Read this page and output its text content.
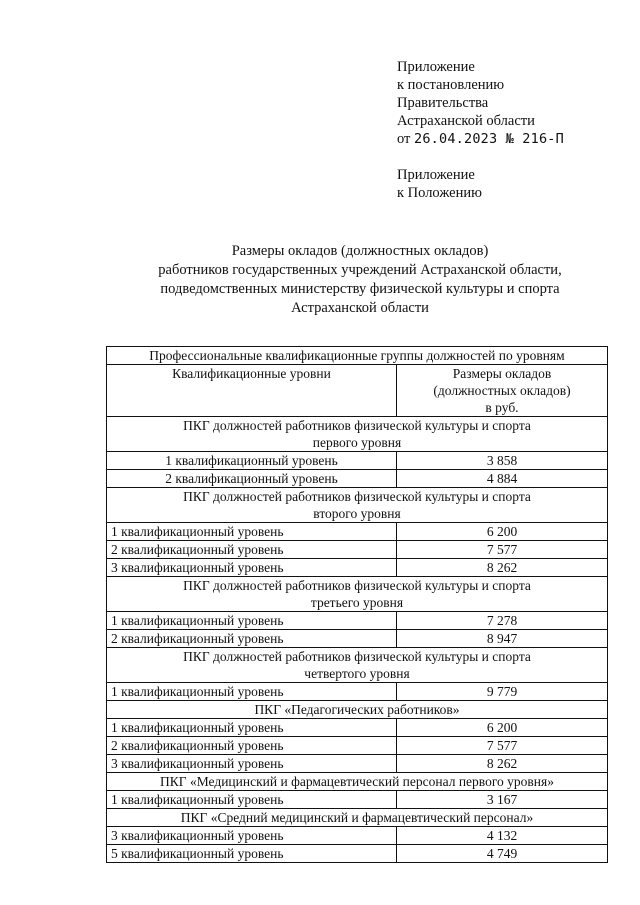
Приложение
к постановлению
Правительства
Астраханской области
от 26.04.2023 № 216-П
Приложение
к Положению
Размеры окладов (должностных окладов)
работников государственных учреждений Астраханской области,
подведомственных министерству физической культуры и спорта
Астраханской области
Профессиональные квалификационные группы должностей по уровням	
Квалификационные уровни	Размеры окладов
(должностных окладов)
в руб.

ПКГ должностей работников физической культуры и спорта
первого уровня	

1 квалификационный уровень	3 858
2 квалификационный уровень	4 884

ПКГ должностей работников физической культуры и спорта
второго уровня	

1 квалификационный уровень	6 200
2 квалификационный уровень	7 577
3 квалификационный уровень	8 262

ПКГ должностей работников физической культуры и спорта
третьего уровня	

1 квалификационный уровень	7 278
2 квалификационный уровень	8 947

ПКГ должностей работников физической культуры и спорта
четвертого уровня	

1 квалификационный уровень	9 779
ПКГ «Педагогических работников»	
1 квалификационный уровень	6 200
2 квалификационный уровень	7 577
3 квалификационный уровень	8 262
ПКГ «Медицинский и фармацевтический персонал первого уровня»	
1 квалификационный уровень	3 167
ПКГ «Средний медицинский и фармацевтический персонал»	
3 квалификационный уровень	4 132
5 квалификационный уровень	4 749
